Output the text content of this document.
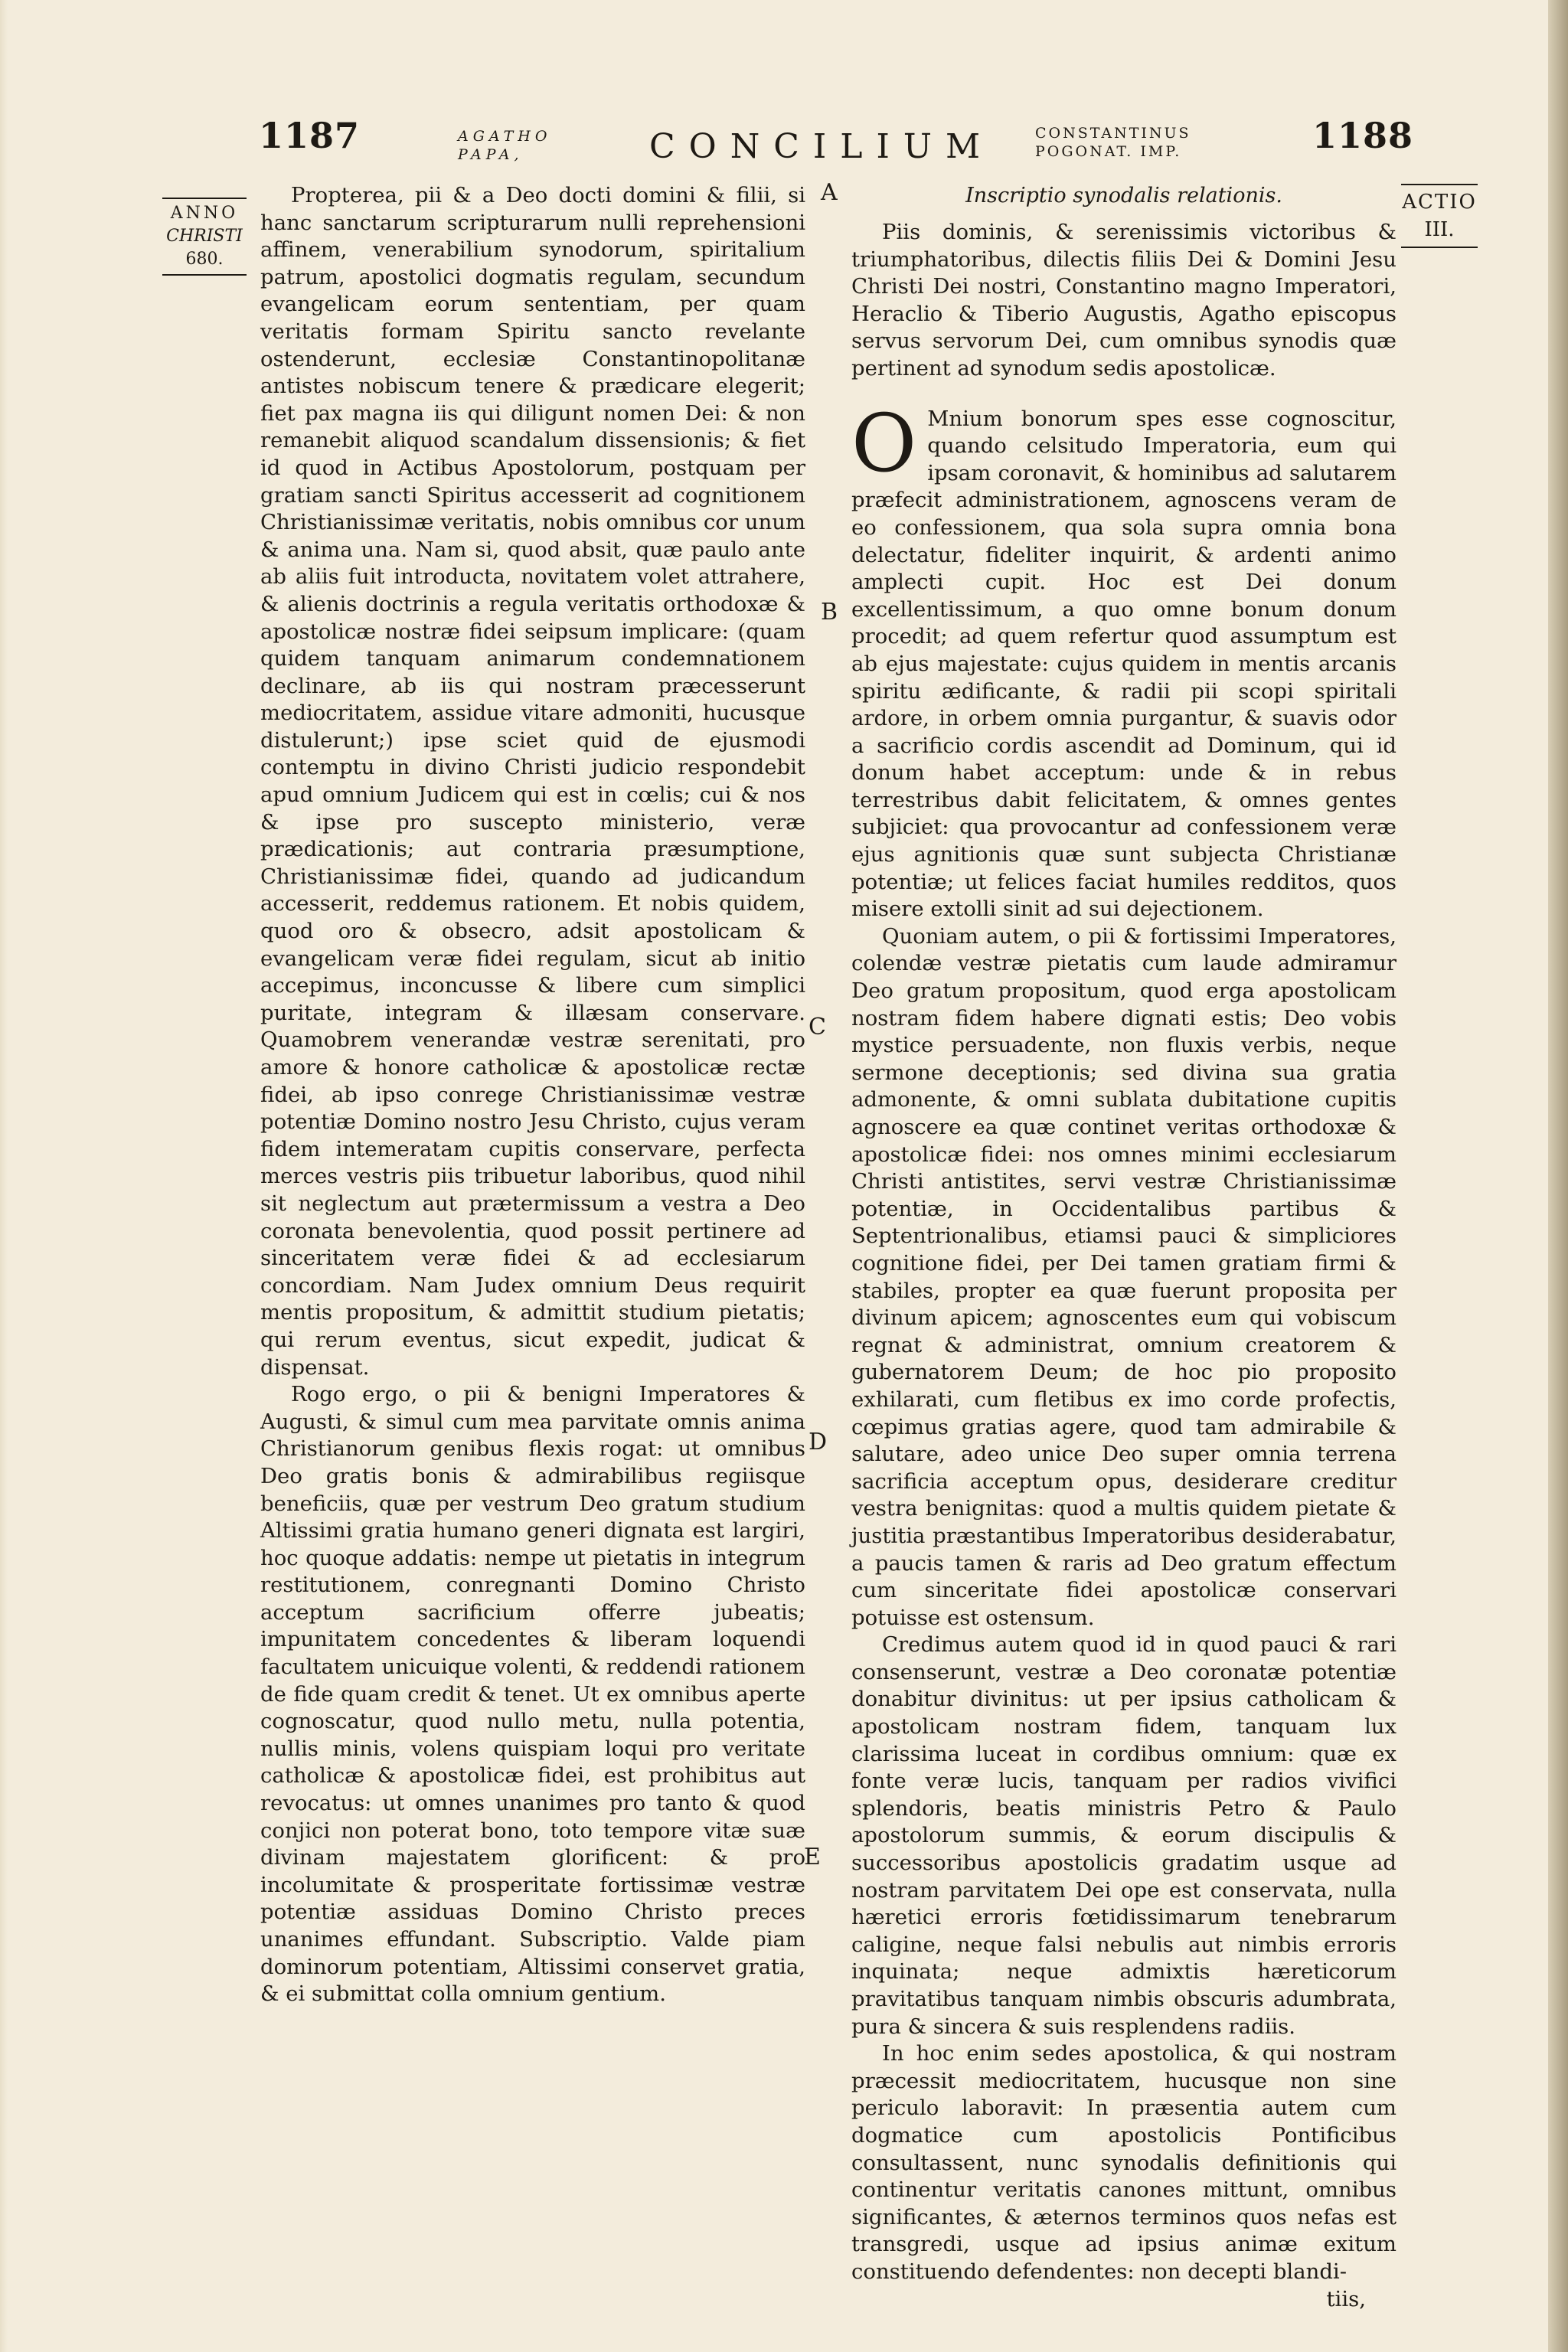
1187	AGATHO
PAPA,	CONCILIUM	CONSTANTINUS
POGONAT. IMP.	1188
ANNO
CHRISTI
680.
ACTIO
III.

Propterea, pii & a Deo docti domini & filii, si hanc sanctarum scripturarum nulli reprehensioni affinem, venerabilium synodorum, spiritalium patrum, apostolici dogmatis regulam, secundum evangelicam eorum sententiam, per quam veritatis formam Spiritu sancto revelante ostenderunt, ecclesiæ Constantinopolitanæ antistes nobiscum tenere & prædicare elegerit; fiet pax magna iis qui diligunt nomen Dei: & non remanebit aliquod scandalum dissensionis; & fiet id quod in Actibus Apostolorum, postquam per gratiam sancti Spiritus accesserit ad cognitionem Christianissimæ veritatis, nobis omnibus cor unum & anima una. Nam si, quod absit, quæ paulo ante ab aliis fuit introducta, novitatem volet attrahere, & alienis doctrinis a regula veritatis orthodoxæ & apostolicæ nostræ fidei seipsum implicare: (quam quidem tanquam animarum condemnationem declinare, ab iis qui nostram præcesserunt mediocritatem, assidue vitare admoniti, hucusque distulerunt;) ipse sciet quid de ejusmodi contemptu in divino Christi judicio respondebit apud omnium Judicem qui est in cœlis; cui & nos & ipse pro suscepto ministerio, veræ prædicationis; aut contraria præsumptione, Christianissimæ fidei, quando ad judicandum accesserit, reddemus rationem. Et nobis quidem, quod oro & obsecro, adsit apostolicam & evangelicam veræ fidei regulam, sicut ab initio accepimus, inconcusse & libere cum simplici puritate, integram & illæsam conservare. Quamobrem venerandæ vestræ serenitati, pro amore & honore catholicæ & apostolicæ rectæ fidei, ab ipso conrege Christianissimæ vestræ potentiæ Domino nostro Jesu Christo, cujus veram fidem intemeratam cupitis conservare, perfecta merces vestris piis tribuetur laboribus, quod nihil sit neglectum aut prætermissum a vestra a Deo coronata benevolentia, quod possit pertinere ad sinceritatem veræ fidei & ad ecclesiarum concordiam. Nam Judex omnium Deus requirit mentis propositum, & admittit studium pietatis; qui rerum eventus, sicut expedit, judicat & dispensat.

Rogo ergo, o pii & benigni Imperatores & Augusti, & simul cum mea parvitate omnis anima Christianorum genibus flexis rogat: ut omnibus Deo gratis bonis & admirabilibus regiisque beneficiis, quæ per vestrum Deo gratum studium Altissimi gratia humano generi dignata est largiri, hoc quoque addatis: nempe ut pietatis in integrum restitutionem, conregnanti Domino Christo acceptum sacrificium offerre jubeatis; impunitatem concedentes & liberam loquendi facultatem unicuique volenti, & reddendi rationem de fide quam credit & tenet. Ut ex omnibus aperte cognoscatur, quod nullo metu, nulla potentia, nullis minis, volens quispiam loqui pro veritate catholicæ & apostolicæ fidei, est prohibitus aut revocatus: ut omnes unanimes pro tanto & quod conjici non poterat bono, toto tempore vitæ suæ divinam majestatem glorificent: & pro incolumitate & prosperitate fortissimæ vestræ potentiæ assiduas Domino Christo preces unanimes effundant. Subscriptio. Valde piam dominorum potentiam, Altissimi conservet gratia, & ei submittat colla omnium gentium.

A
B
C
D
E
Inscriptio synodalis relationis.

Piis dominis, & serenissimis victoribus & triumphatoribus, dilectis filiis Dei & Domini Jesu Christi Dei nostri, Constantino magno Imperatori, Heraclio & Tiberio Augustis, Agatho episcopus servus servorum Dei, cum omnibus synodis quæ pertinent ad synodum sedis apostolicæ.

O Mnium bonorum spes esse cognoscitur, quando celsitudo Imperatoria, eum qui ipsam coronavit, & hominibus ad salutarem præfecit administrationem, agnoscens veram de eo confessionem, qua sola supra omnia bona delectatur, fideliter inquirit, & ardenti animo amplecti cupit. Hoc est Dei donum excellentissimum, a quo omne bonum donum procedit; ad quem refertur quod assumptum est ab ejus majestate: cujus quidem in mentis arcanis spiritu ædificante, & radii pii scopi spiritali ardore, in orbem omnia purgantur, & suavis odor a sacrificio cordis ascendit ad Dominum, qui id donum habet acceptum: unde & in rebus terrestribus dabit felicitatem, & omnes gentes subjiciet: qua provocantur ad confessionem veræ ejus agnitionis quæ sunt subjecta Christianæ potentiæ; ut felices faciat humiles redditos, quos misere extolli sinit ad sui dejectionem.

Quoniam autem, o pii & fortissimi Imperatores, colendæ vestræ pietatis cum laude admiramur Deo gratum propositum, quod erga apostolicam nostram fidem habere dignati estis; Deo vobis mystice persuadente, non fluxis verbis, neque sermone deceptionis; sed divina sua gratia admonente, & omni sublata dubitatione cupitis agnoscere ea quæ continet veritas orthodoxæ & apostolicæ fidei: nos omnes minimi ecclesiarum Christi antistites, servi vestræ Christianissimæ potentiæ, in Occidentalibus partibus & Septentrionalibus, etiamsi pauci & simpliciores cognitione fidei, per Dei tamen gratiam firmi & stabiles, propter ea quæ fuerunt proposita per divinum apicem; agnoscentes eum qui vobiscum regnat & administrat, omnium creatorem & gubernatorem Deum; de hoc pio proposito exhilarati, cum fletibus ex imo corde profectis, cœpimus gratias agere, quod tam admirabile & salutare, adeo unice Deo super omnia terrena sacrificia acceptum opus, desiderare creditur vestra benignitas: quod a multis quidem pietate & justitia præstantibus Imperatoribus desiderabatur, a paucis tamen & raris ad Deo gratum effectum cum sinceritate fidei apostolicæ conservari potuisse est ostensum.

Credimus autem quod id in quod pauci & rari consenserunt, vestræ a Deo coronatæ potentiæ donabitur divinitus: ut per ipsius catholicam & apostolicam nostram fidem, tanquam lux clarissima luceat in cordibus omnium: quæ ex fonte veræ lucis, tanquam per radios vivifici splendoris, beatis ministris Petro & Paulo apostolorum summis, & eorum discipulis & successoribus apostolicis gradatim usque ad nostram parvitatem Dei ope est conservata, nulla hæretici erroris fœtidissimarum tenebrarum caligine, neque falsi nebulis aut nimbis erroris inquinata; neque admixtis hæreticorum pravitatibus tanquam nimbis obscuris adumbrata, pura & sincera & suis resplendens radiis.

In hoc enim sedes apostolica, & qui nostram præcessit mediocritatem, hucusque non sine periculo laboravit: In præsentia autem cum dogmatice cum apostolicis Pontificibus consultassent, nunc synodalis definitionis qui continentur veritatis canones mittunt, omnibus significantes, & æternos terminos quos nefas est transgredi, usque ad ipsius animæ exitum constituendo defendentes: non decepti blandi-

tiis,
